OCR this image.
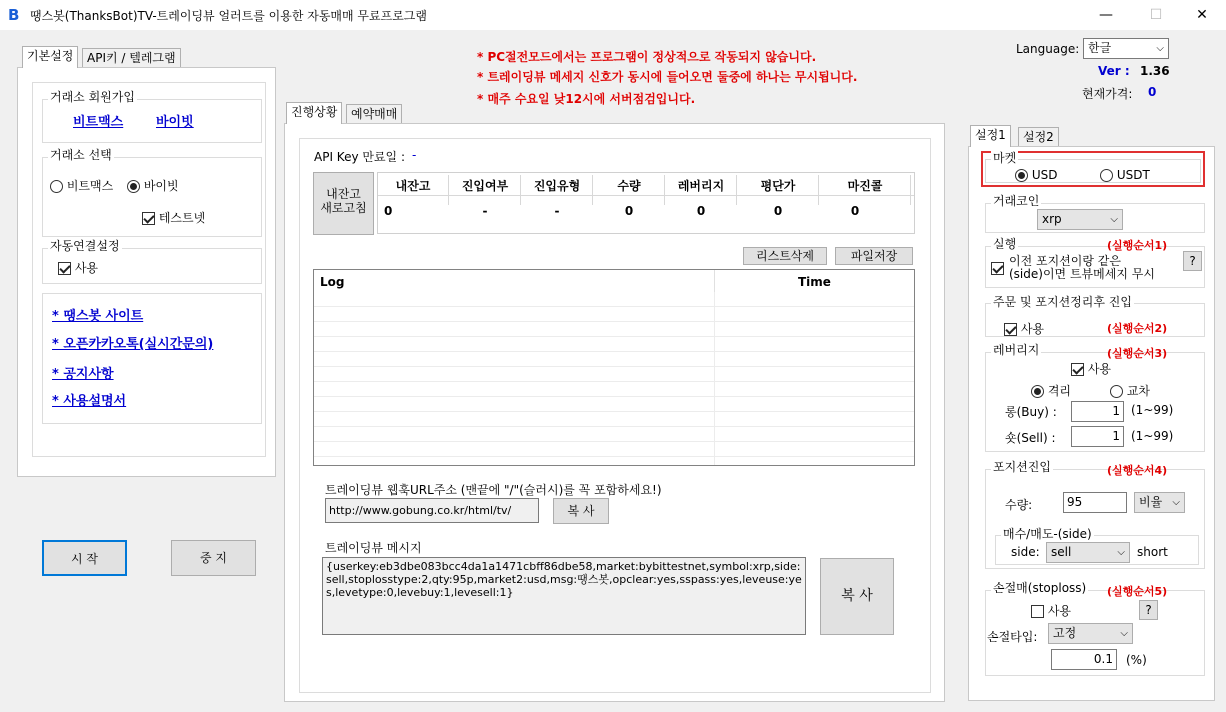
B 땡스봇(ThanksBot)TV-트레이딩뷰 얼러트를 이용한 자동매매 무료프로그램	—	☐	✕
* PC절전모드에서는 프로그램이 정상적으로 작동되지 않습니다.
* 트레이딩뷰 메세지 신호가 동시에 들어오면 둘중에 하나는 무시됩니다.
* 매주 수요일 낮12시에 서버점검입니다.
Language: 한글	⌵
Ver : 1.36
현재가격: 0
기본설정	API키 / 텔레그램
거래소 회원가입
비트맥스	바이빗
거래소 선택
비트맥스	바이빗
테스트넷
자동연결설정
사용
* 땡스봇 사이트
* 오픈카카오톡(실시간문의)
* 공지사항
* 사용설명서
시 작	중 지
진행상황	예약매매
API Key 만료일 : -
내잔고
새로고침
내잔고	진입여부	진입유형	수량	레버리지	평단가	마진콜
0	-	-	0	0	0	0
리스트삭제	파일저장
Log	Time
트레이딩뷰 웹훅URL주소 (맨끝에 "/"(슬러시)를 꼭 포함하세요!)
http://www.gobung.co.kr/html/tv/	복 사
트레이딩뷰 메시지
{userkey:eb3dbe083bcc4da1a1471cbff86dbe58,market:bybittestnet,symbol:xrp,side:sell,stoplosstype:2,qty:95p,market2:usd,msg:땡스봇,opclear:yes,sspass:yes,leveuse:yes,levetype:0,levebuy:1,levesell:1}	복 사
설정1	설정2
마켓
USD	USDT
거래코인
xrp	⌵
실행	(실행순서1)
이전 포지션이랑 같은
(side)이면 트뷰메세지 무시
?
주문 및 포지션정리후 진입
사용	(실행순서2)
레버리지	(실행순서3)
사용
격리	교차
롱(Buy) :	1 (1~99)
숏(Sell) :	1 (1~99)
포지션진입	(실행순서4)
수량:	95	비율 ⌵
매수/매도-(side)
side: sell	⌵ short
손절매(stoploss) (실행순서5)
사용	?
손절타입:	고정	⌵
0.1	(%)
